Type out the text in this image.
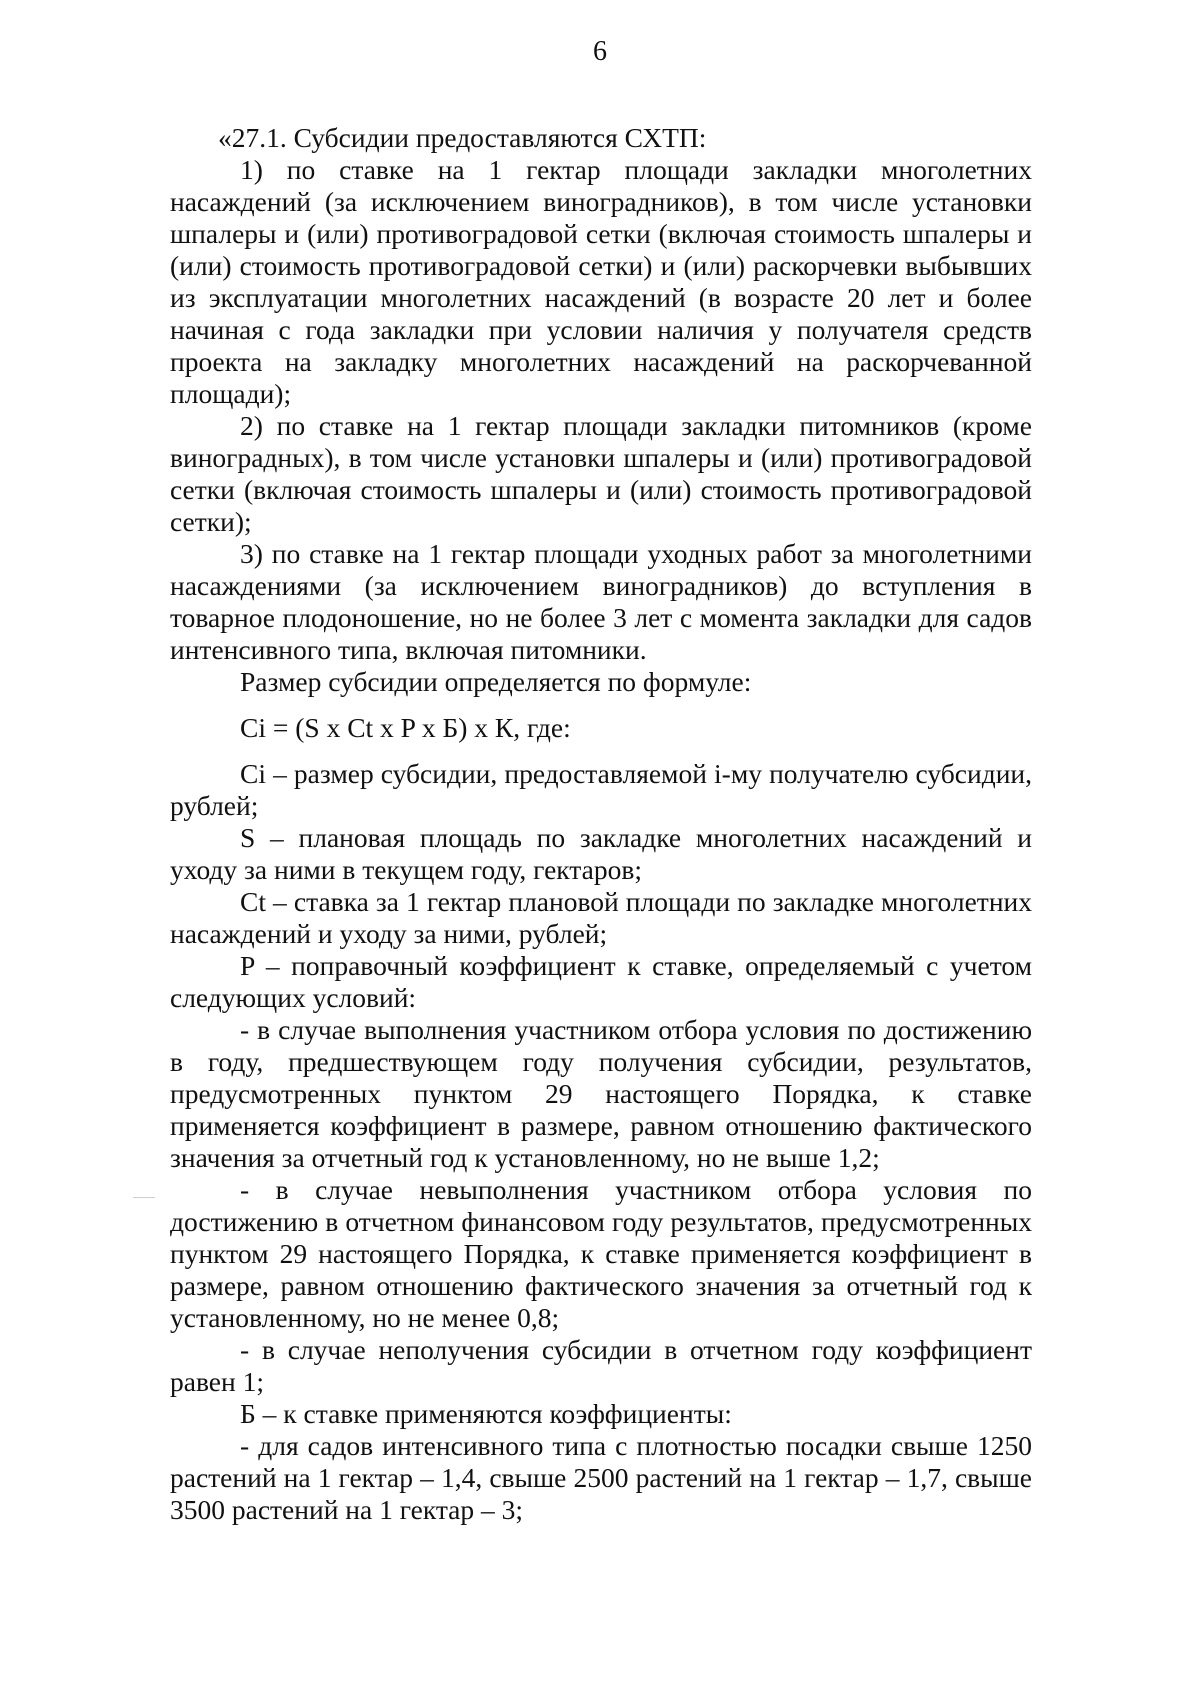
6

«27.1. Субсидии предоставляются СХТП:

1) по ставке на 1 гектар площади закладки многолетних насаждений (за исключением виноградников), в том числе установки шпалеры и (или) противоградовой сетки (включая стоимость шпалеры и (или) стоимость противоградовой сетки) и (или) раскорчевки выбывших из эксплуатации многолетних насаждений (в возрасте 20 лет и более начиная с года закладки при условии наличия у получателя средств проекта на закладку многолетних насаждений на раскорчеванной площади);

2) по ставке на 1 гектар площади закладки питомников (кроме виноградных), в том числе установки шпалеры и (или) противоградовой сетки (включая стоимость шпалеры и (или) стоимость противоградовой сетки);

3) по ставке на 1 гектар площади уходных работ за многолетними насаждениями (за исключением виноградников) до вступления в товарное плодоношение, но не более 3 лет с момента закладки для садов интенсивного типа, включая питомники.

Размер субсидии определяется по формуле:

Ci = (S x Ct x P x Б) x К, где:

Ci – размер субсидии, предоставляемой i-му получателю субсидии, рублей;

S – плановая площадь по закладке многолетних насаждений и уходу за ними в текущем году, гектаров;

Ct – ставка за 1 гектар плановой площади по закладке многолетних насаждений и уходу за ними, рублей;

P – поправочный коэффициент к ставке, определяемый с учетом следующих условий:

- в случае выполнения участником отбора условия по достижению в году, предшествующем году получения субсидии, результатов, предусмотренных пунктом 29 настоящего Порядка, к ставке применяется коэффициент в размере, равном отношению фактического значения за отчетный год к установленному, но не выше 1,2;

- в случае невыполнения участником отбора условия по достижению в отчетном финансовом году результатов, предусмотренных пунктом 29 настоящего Порядка, к ставке применяется коэффициент в размере, равном отношению фактического значения за отчетный год к установленному, но не менее 0,8;

- в случае неполучения субсидии в отчетном году коэффициент равен 1;

Б – к ставке применяются коэффициенты:

- для садов интенсивного типа с плотностью посадки свыше 1250 растений на 1 гектар – 1,4, свыше 2500 растений на 1 гектар – 1,7, свыше 3500 растений на 1 гектар – 3;
